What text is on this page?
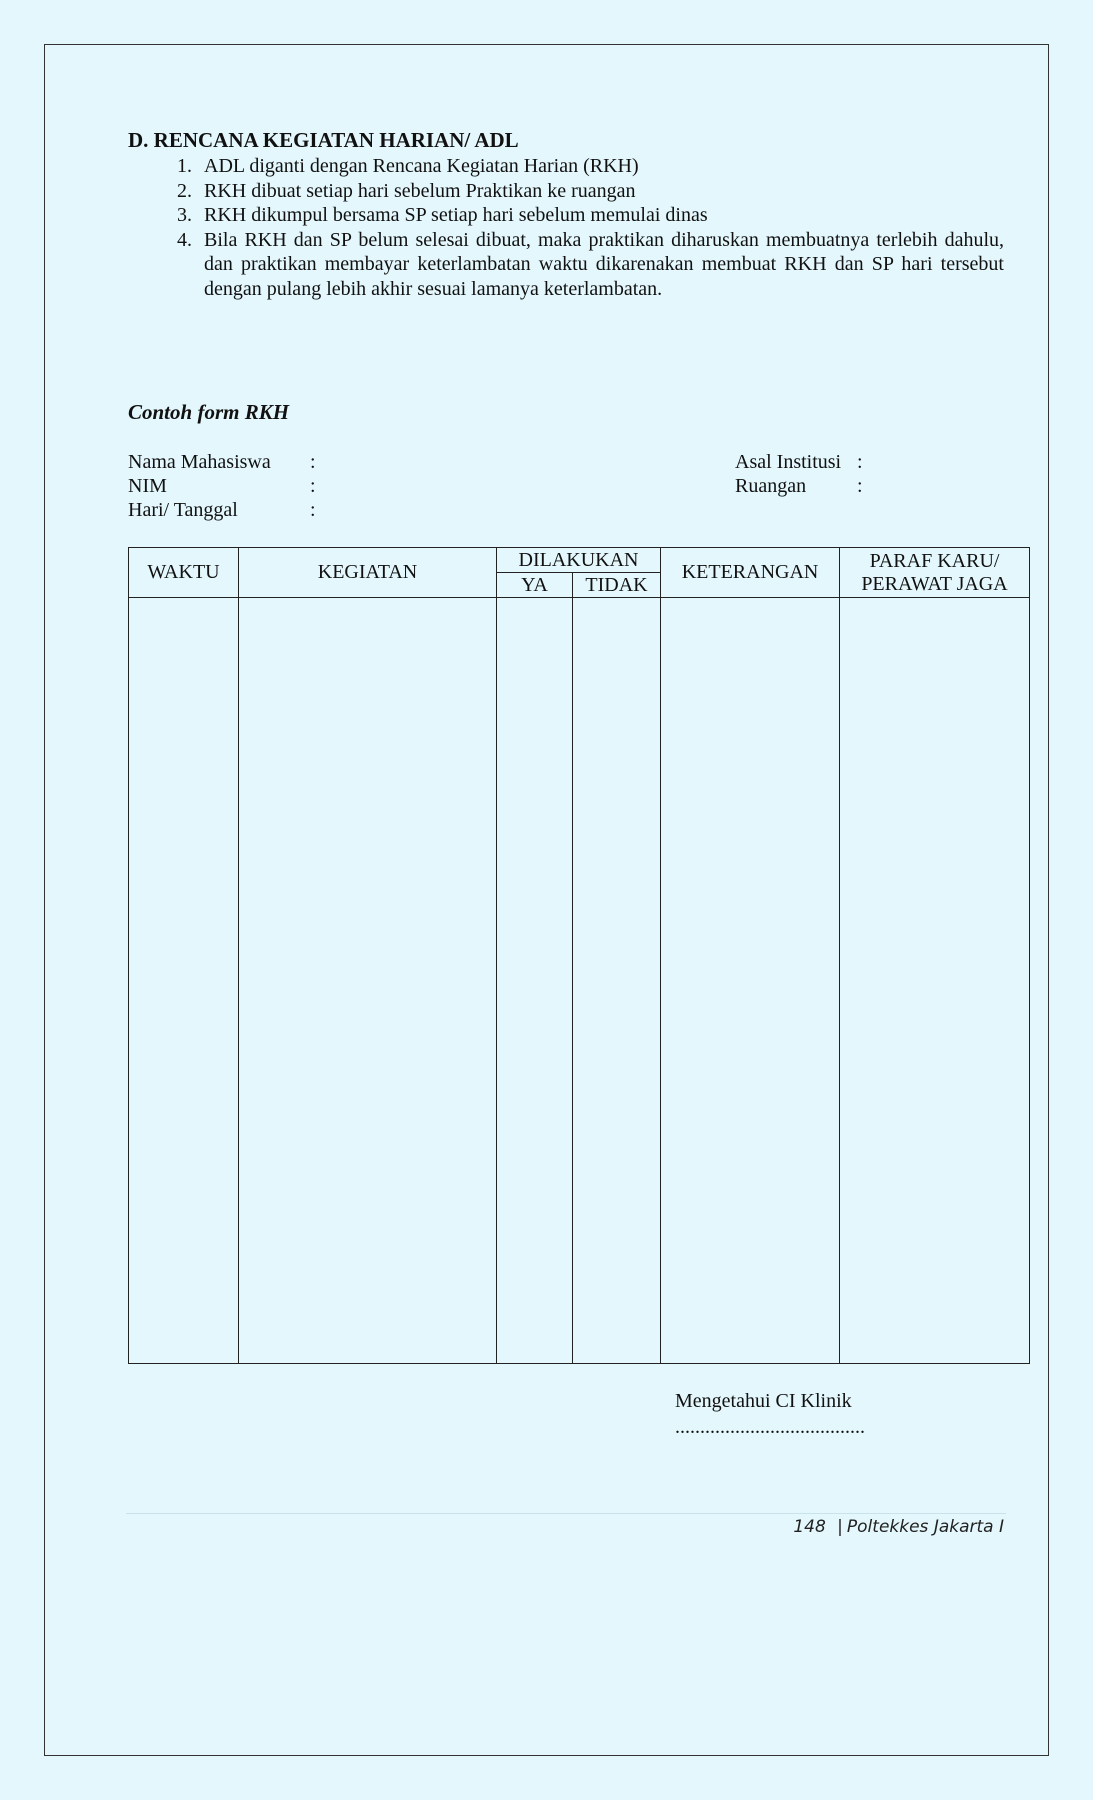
D. RENCANA KEGIATAN HARIAN/ ADL
1. ADL diganti dengan Rencana Kegiatan Harian (RKH)
2. RKH dibuat setiap hari sebelum Praktikan ke ruangan
3. RKH dikumpul bersama SP setiap hari sebelum memulai dinas
4. Bila RKH dan SP belum selesai dibuat, maka praktikan diharuskan membuatnya terlebih dahulu, dan praktikan membayar keterlambatan waktu dikarenakan membuat RKH dan SP hari tersebut dengan pulang lebih akhir sesuai lamanya keterlambatan.
Contoh form RKH
Nama Mahasiswa :
NIM	:
Hari/ Tanggal	:
Asal Institusi :
Ruangan	:
WAKTU	KEGIATAN	DILAKUKAN		KETERANGAN	PARAF KARU/
PERAWAT JAGA
		YA	TIDAK		

Mengetahui CI Klinik
......................................
148 | Poltekkes Jakarta I
